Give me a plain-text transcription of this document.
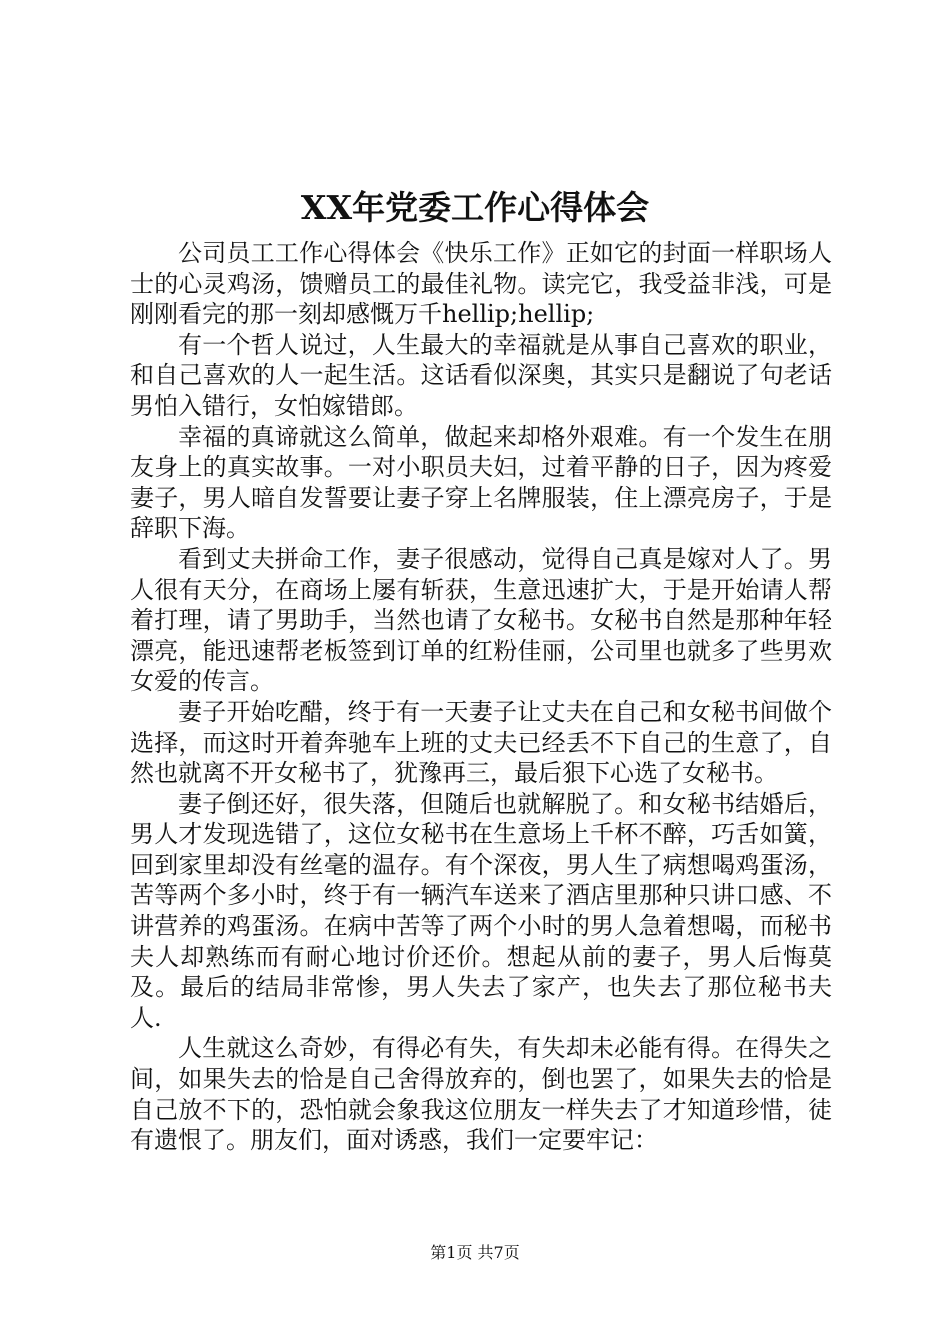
XX年党委工作心得体会

公司员工工作心得体会《快乐工作》正如它的封面一样职场人士的心灵鸡汤，馈赠员工的最佳礼物。读完它，我受益非浅，可是刚刚看完的那一刻却感慨万千hellip;hellip;

有一个哲人说过，人生最大的幸福就是从事自己喜欢的职业，和自己喜欢的人一起生活。这话看似深奥，其实只是翻说了句老话男怕入错行，女怕嫁错郎。

幸福的真谛就这么简单，做起来却格外艰难。有一个发生在朋友身上的真实故事。一对小职员夫妇，过着平静的日子，因为疼爱妻子，男人暗自发誓要让妻子穿上名牌服装，住上漂亮房子，于是辞职下海。

看到丈夫拼命工作，妻子很感动，觉得自己真是嫁对人了。男人很有天分，在商场上屡有斩获，生意迅速扩大，于是开始请人帮着打理，请了男助手，当然也请了女秘书。女秘书自然是那种年轻漂亮，能迅速帮老板签到订单的红粉佳丽，公司里也就多了些男欢女爱的传言。

妻子开始吃醋，终于有一天妻子让丈夫在自己和女秘书间做个选择，而这时开着奔驰车上班的丈夫已经丢不下自己的生意了，自然也就离不开女秘书了，犹豫再三，最后狠下心选了女秘书。

妻子倒还好，很失落，但随后也就解脱了。和女秘书结婚后，男人才发现选错了，这位女秘书在生意场上千杯不醉，巧舌如簧，回到家里却没有丝毫的温存。有个深夜，男人生了病想喝鸡蛋汤，苦等两个多小时，终于有一辆汽车送来了酒店里那种只讲口感、不讲营养的鸡蛋汤。在病中苦等了两个小时的男人急着想喝，而秘书夫人却熟练而有耐心地讨价还价。想起从前的妻子，男人后悔莫及。最后的结局非常惨，男人失去了家产，也失去了那位秘书夫人.

人生就这么奇妙，有得必有失，有失却未必能有得。在得失之间，如果失去的恰是自己舍得放弃的，倒也罢了，如果失去的恰是自己放不下的，恐怕就会象我这位朋友一样失去了才知道珍惜，徒有遗恨了。朋友们，面对诱惑，我们一定要牢记：

第1页 共7页
